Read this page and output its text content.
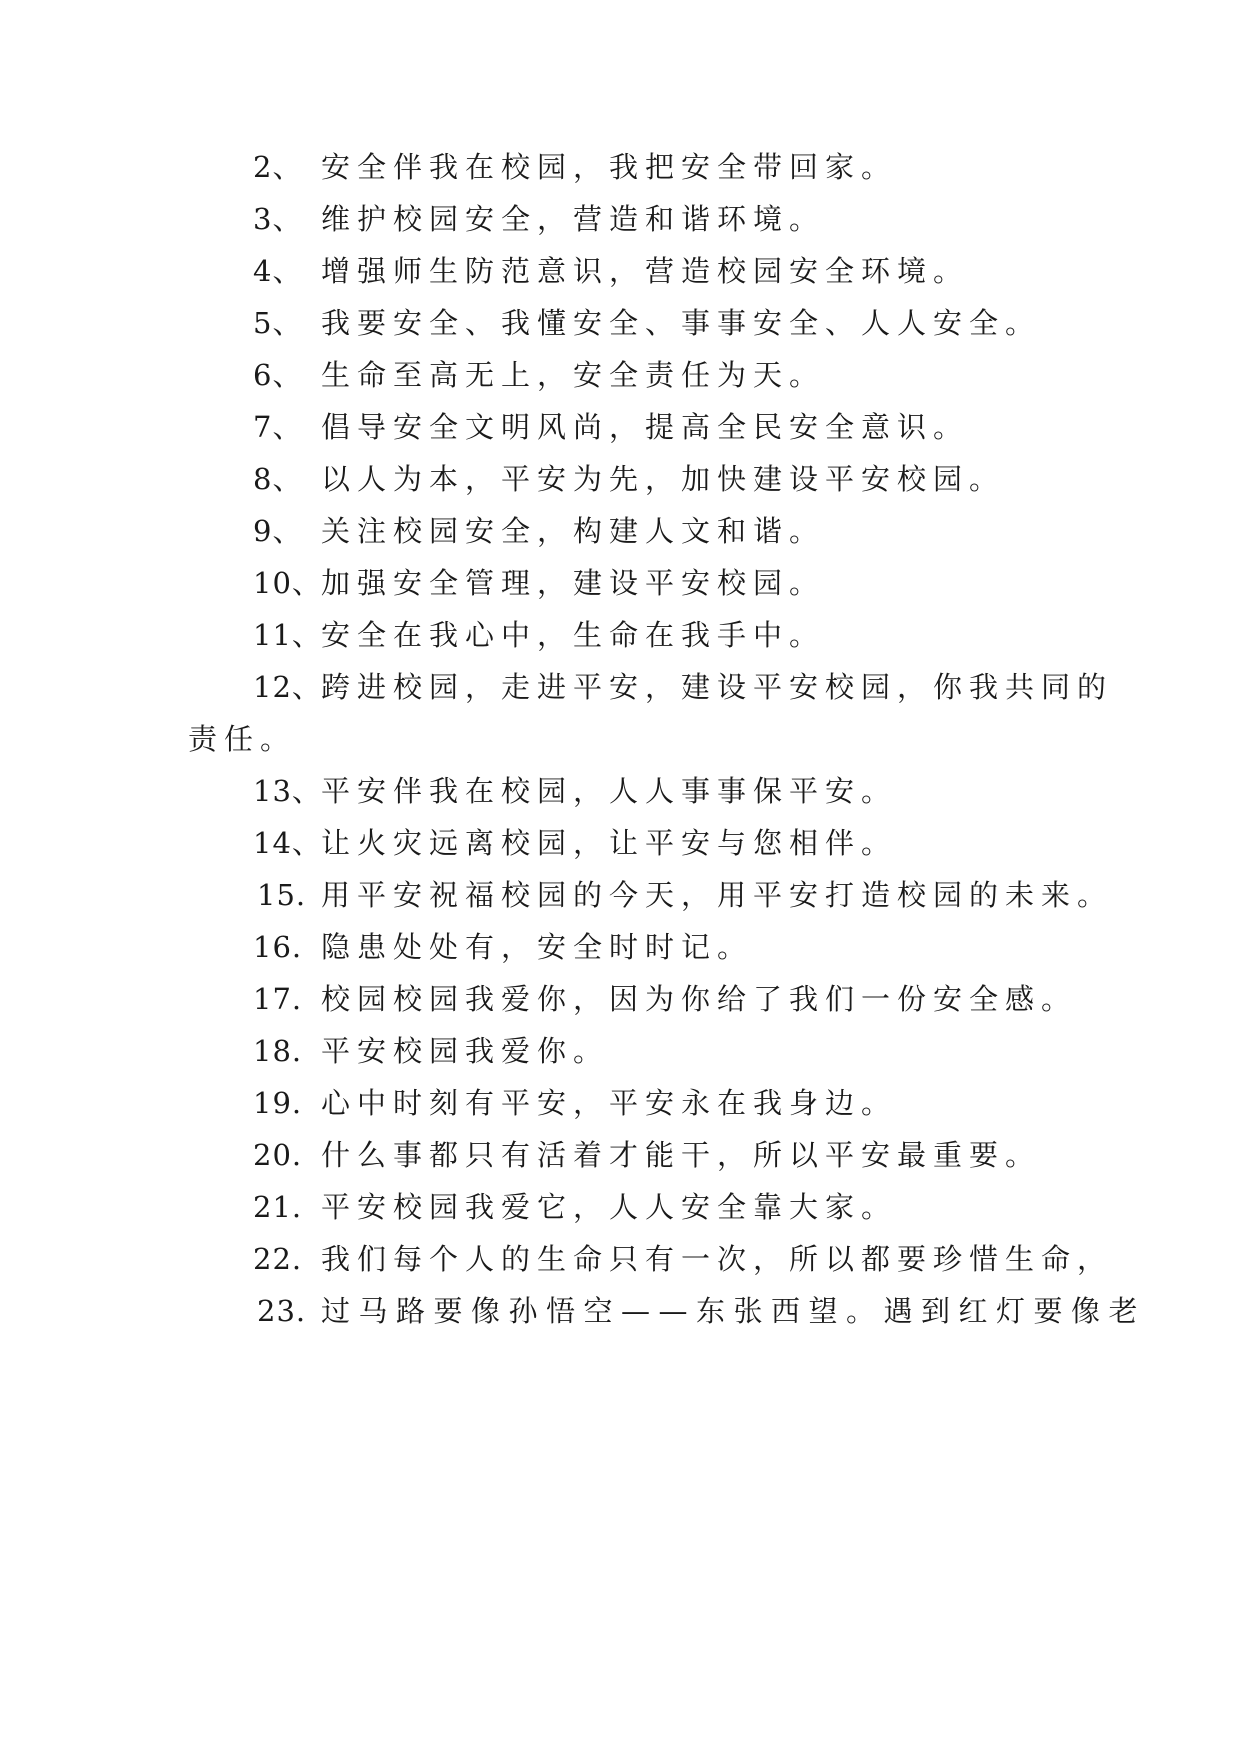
2、 安全伴我在校园，我把安全带回家。
3、 维护校园安全，营造和谐环境。
4、 增强师生防范意识，营造校园安全环境。
5、 我要安全、我懂安全、事事安全、人人安全。
6、 生命至高无上，安全责任为天。
7、 倡导安全文明风尚，提高全民安全意识。
8、 以人为本，平安为先，加快建设平安校园。
9、 关注校园安全，构建人文和谐。
10、加强安全管理，建设平安校园。
11、安全在我心中，生命在我手中。
12、跨进校园，走进平安，建设平安校园，你我共同的
责任。
13、平安伴我在校园，人人事事保平安。
14、让火灾远离校园，让平安与您相伴。
15. 用平安祝福校园的今天，用平安打造校园的未来。
16. 隐患处处有，安全时时记。
17. 校园校园我爱你，因为你给了我们一份安全感。
18. 平安校园我爱你。
19. 心中时刻有平安，平安永在我身边。
20. 什么事都只有活着才能干，所以平安最重要。
21. 平安校园我爱它，人人安全靠大家。
22. 我们每个人的生命只有一次，所以都要珍惜生命，
23. 过马路要像孙悟空——东张西望。遇到红灯要像老
